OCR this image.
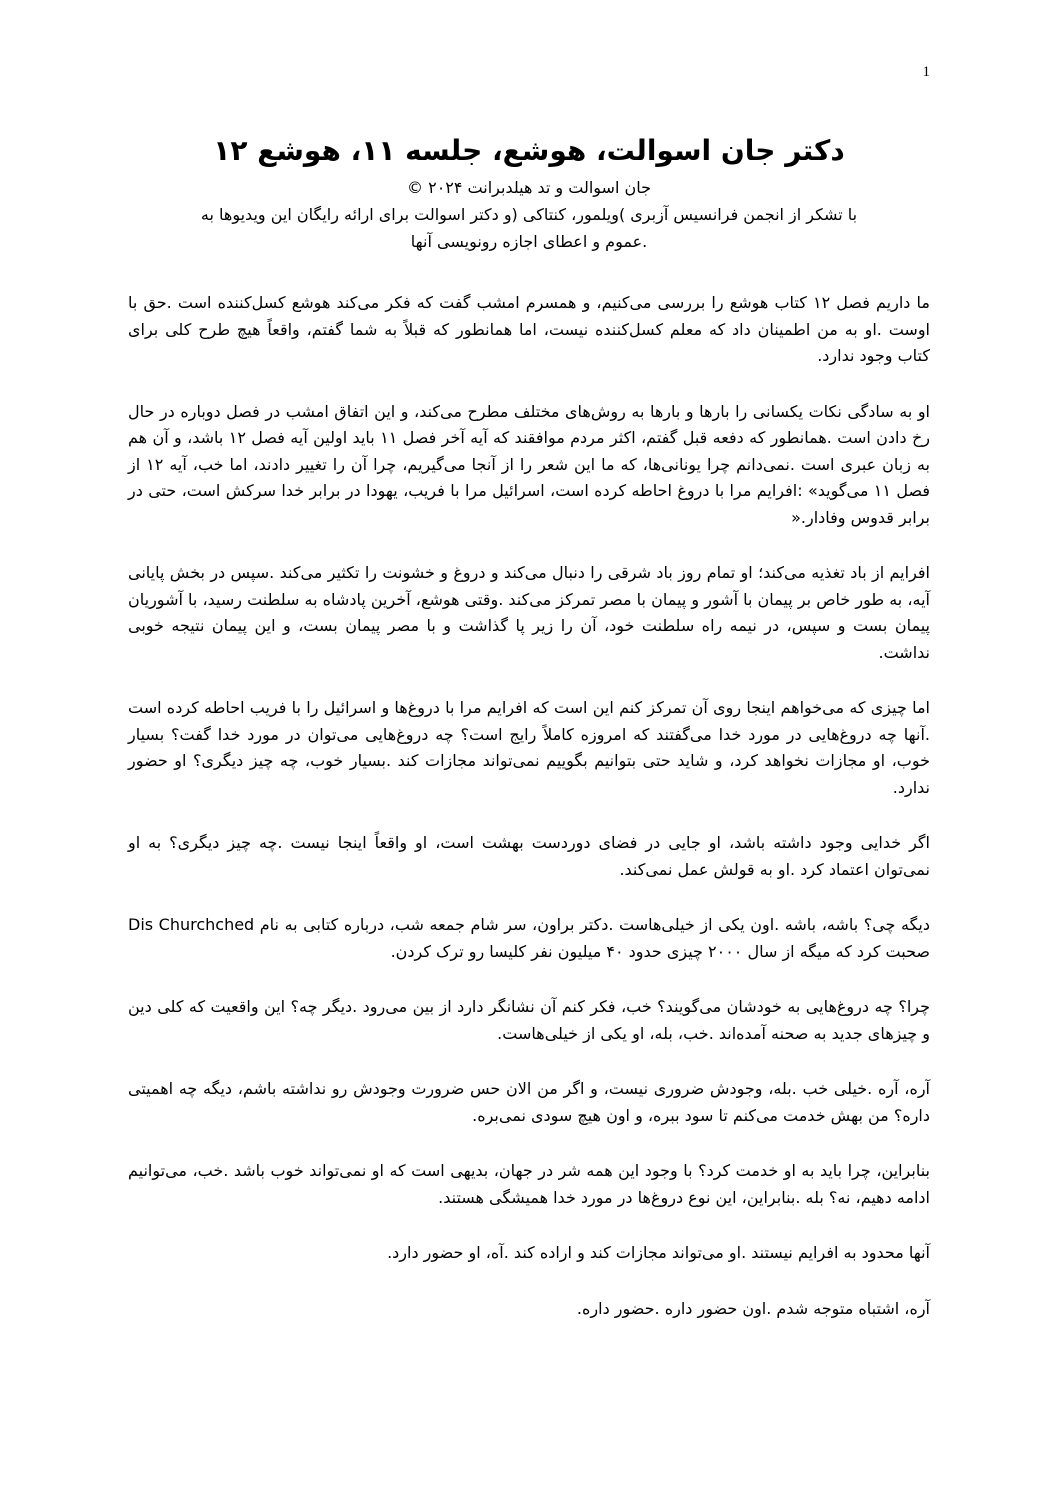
1
دکتر جان اسوالت، هوشع، جلسه ۱۱، هوشع ۱۲

جان اسوالت و تد هیلدبرانت ۲۰۲۴ ©

با تشکر از انجمن فرانسیس آزبری )ویلمور، کنتاکی (و دکتر اسوالت برای ارائه رایگان این ویدیوها به

.عموم و اعطای اجازه رونویسی آنها

ما داریم فصل ۱۲ کتاب هوشع را بررسی می‌کنیم، و همسرم امشب گفت که فکر می‌کند هوشع کسل‌کننده است .حق با اوست .او به من اطمینان داد که معلم کسل‌کننده نیست، اما همانطور که قبلاً به شما گفتم، واقعاً هیچ طرح کلی برای کتاب وجود ندارد.

او به سادگی نکات یکسانی را بارها و بارها به روش‌های مختلف مطرح می‌کند، و این اتفاق امشب در فصل دوباره در حال رخ دادن است .همانطور که دفعه قبل گفتم، اکثر مردم موافقند که آیه آخر فصل ۱۱ باید اولین آیه فصل ۱۲ باشد، و آن هم به زبان عبری است .نمی‌دانم چرا یونانی‌ها، که ما این شعر را از آنجا می‌گیریم، چرا آن را تغییر دادند، اما خب، آیه ۱۲ از فصل ۱۱ می‌گوید» :افرایم مرا با دروغ احاطه کرده است، اسرائیل مرا با فریب، یهودا در برابر خدا سرکش است، حتی در برابر قدوس وفادار.«

افرایم از باد تغذیه می‌کند؛ او تمام روز باد شرقی را دنبال می‌کند و دروغ و خشونت را تکثیر می‌کند .سپس در بخش پایانی آیه، به طور خاص بر پیمان با آشور و پیمان با مصر تمرکز می‌کند .وقتی هوشع، آخرین پادشاه به سلطنت رسید، با آشوریان پیمان بست و سپس، در نیمه راه سلطنت خود، آن را زیر پا گذاشت و با مصر پیمان بست، و این پیمان نتیجه خوبی نداشت.

اما چیزی که می‌خواهم اینجا روی آن تمرکز کنم این است که افرایم مرا با دروغ‌ها و اسرائیل را با فریب احاطه کرده است .آنها چه دروغ‌هایی در مورد خدا می‌گفتند که امروزه کاملاً رایج است؟ چه دروغ‌هایی می‌توان در مورد خدا گفت؟ بسیار خوب، او مجازات نخواهد کرد، و شاید حتی بتوانیم بگوییم نمی‌تواند مجازات کند .بسیار خوب، چه چیز دیگری؟ او حضور ندارد.

اگر خدایی وجود داشته باشد، او جایی در فضای دوردست بهشت است، او واقعاً اینجا نیست .چه چیز دیگری؟ به او نمی‌توان اعتماد کرد .او به قولش عمل نمی‌کند.

دیگه چی؟ باشه، باشه .اون یکی از خیلی‌هاست .دکتر براون، سر شام جمعه شب، درباره کتابی به نام Dis Churchched صحبت کرد که میگه از سال ۲۰۰۰ چیزی حدود ۴۰ میلیون نفر کلیسا رو ترک کردن.

چرا؟ چه دروغ‌هایی به خودشان می‌گویند؟ خب، فکر کنم آن نشانگر دارد از بین می‌رود .دیگر چه؟ این واقعیت که کلی دین و چیزهای جدید به صحنه آمده‌اند .خب، بله، او یکی از خیلی‌هاست.

آره، آره .خیلی خب .بله، وجودش ضروری نیست، و اگر من الان حس ضرورت وجودش رو نداشته باشم، دیگه چه اهمیتی داره؟ من بهش خدمت می‌کنم تا سود ببره، و اون هیچ سودی نمی‌بره.

بنابراین، چرا باید به او خدمت کرد؟ با وجود این همه شر در جهان، بدیهی است که او نمی‌تواند خوب باشد .خب، می‌توانیم ادامه دهیم، نه؟ بله .بنابراین، این نوع دروغ‌ها در مورد خدا همیشگی هستند.

آنها محدود به افرایم نیستند .او می‌تواند مجازات کند و اراده کند .آه، او حضور دارد.

آره، اشتباه متوجه شدم .اون حضور داره .حضور داره.
